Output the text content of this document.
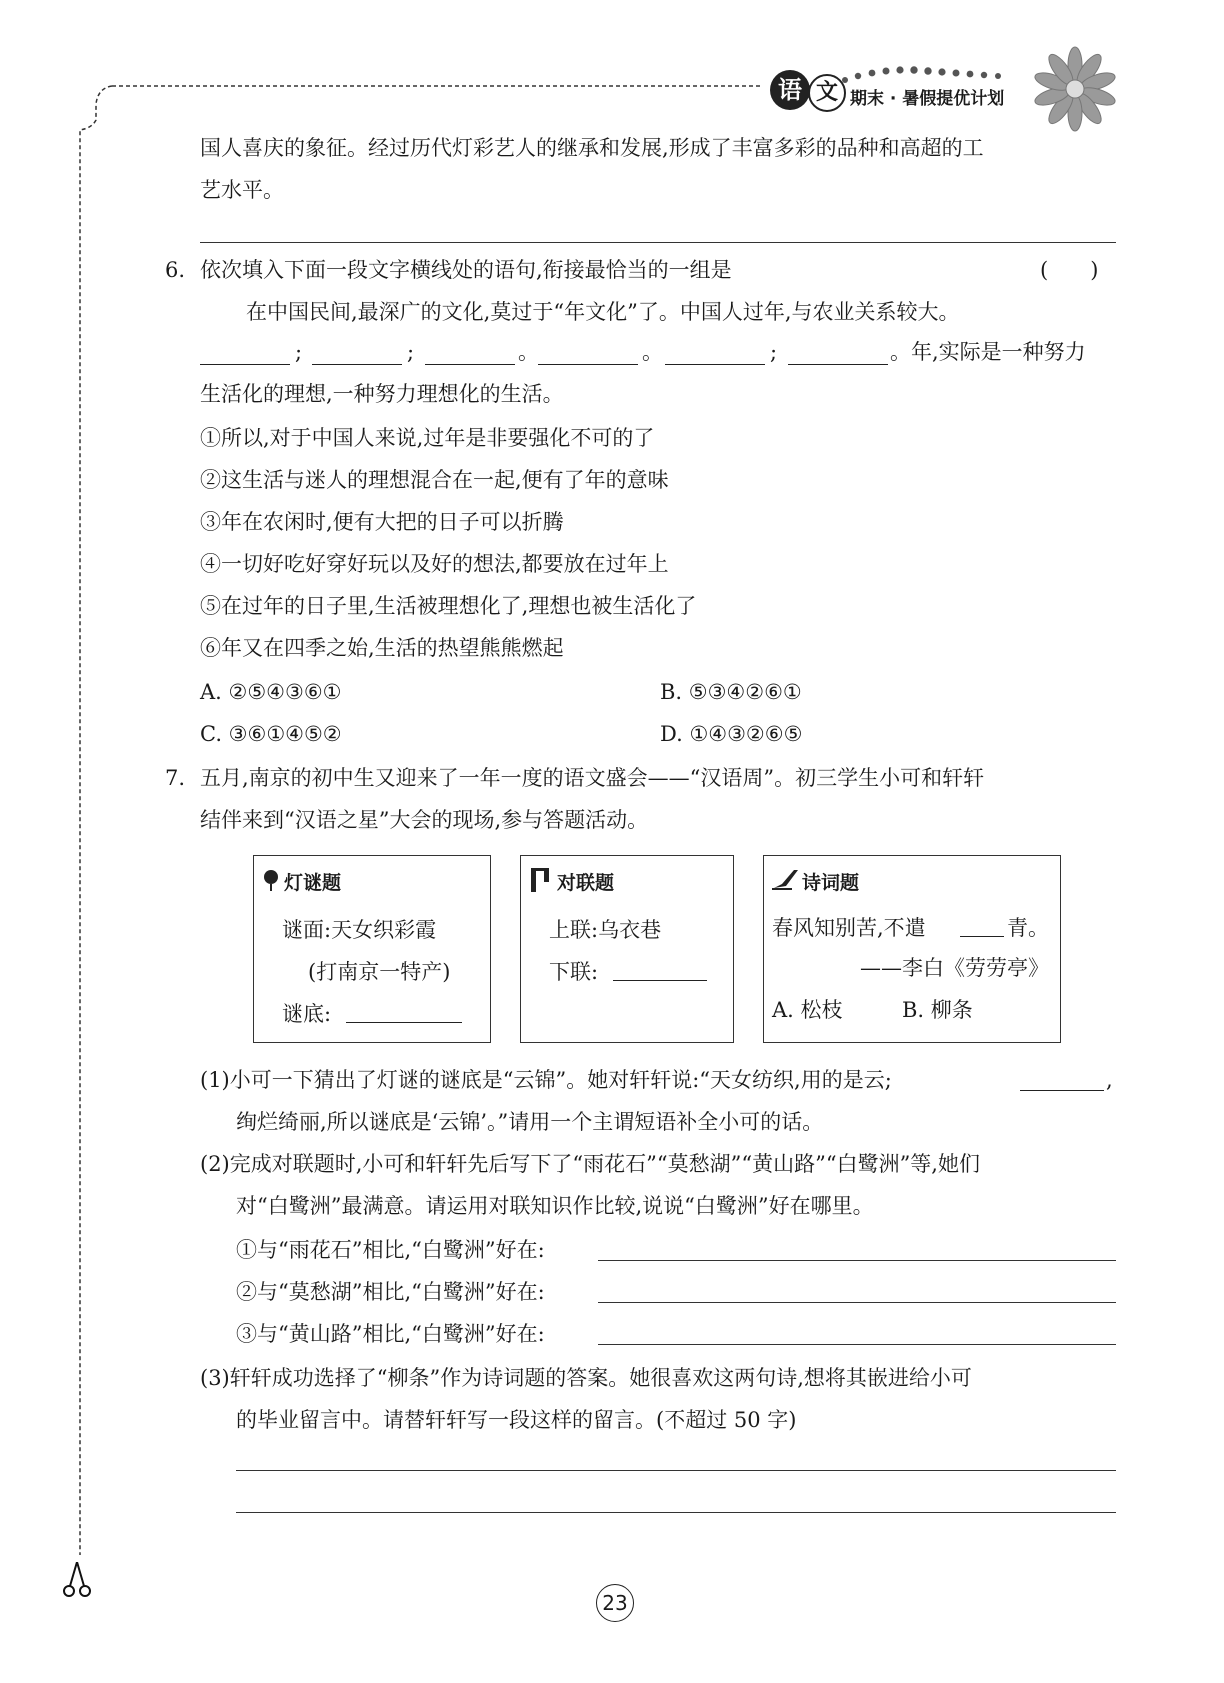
语 文 期末 · 暑假提优计划
国人喜庆的象征。经过历代灯彩艺人的继承和发展,形成了丰富多彩的品种和高超的工
艺水平。
6. 依次填入下面一段文字横线处的语句,衔接最恰当的一组是	(　　)
在中国民间,最深广的文化,莫过于“年文化”了。中国人过年,与农业关系较大。
;	;	。	。	;	。年,实际是一种努力
生活化的理想,一种努力理想化的生活。
①所以,对于中国人来说,过年是非要强化不可的了
②这生活与迷人的理想混合在一起,便有了年的意味
③年在农闲时,便有大把的日子可以折腾
④一切好吃好穿好玩以及好的想法,都要放在过年上
⑤在过年的日子里,生活被理想化了,理想也被生活化了
⑥年又在四季之始,生活的热望熊熊燃起
A. ②⑤④③⑥①	B. ⑤③④②⑥①
C. ③⑥①④⑤②	D. ①④③②⑥⑤
7. 五月,南京的初中生又迎来了一年一度的语文盛会——“汉语周”。初三学生小可和轩轩
结伴来到“汉语之星”大会的现场,参与答题活动。
灯谜题
谜面:天女织彩霞
(打南京一特产)
谜底:
对联题
上联:乌衣巷
下联:
诗词题
春风知别苦,不遣	青。
——李白《劳劳亭》
A. 松枝	B. 柳条
(1)小可一下猜出了灯谜的谜底是“云锦”。她对轩轩说:“天女纺织,用的是云;	,
绚烂绮丽,所以谜底是‘云锦’。”请用一个主谓短语补全小可的话。
(2)完成对联题时,小可和轩轩先后写下了“雨花石”“莫愁湖”“黄山路”“白鹭洲”等,她们
对“白鹭洲”最满意。请运用对联知识作比较,说说“白鹭洲”好在哪里。
①与“雨花石”相比,“白鹭洲”好在:
②与“莫愁湖”相比,“白鹭洲”好在:
③与“黄山路”相比,“白鹭洲”好在:
(3)轩轩成功选择了“柳条”作为诗词题的答案。她很喜欢这两句诗,想将其嵌进给小可
的毕业留言中。请替轩轩写一段这样的留言。(不超过 50 字)
23
